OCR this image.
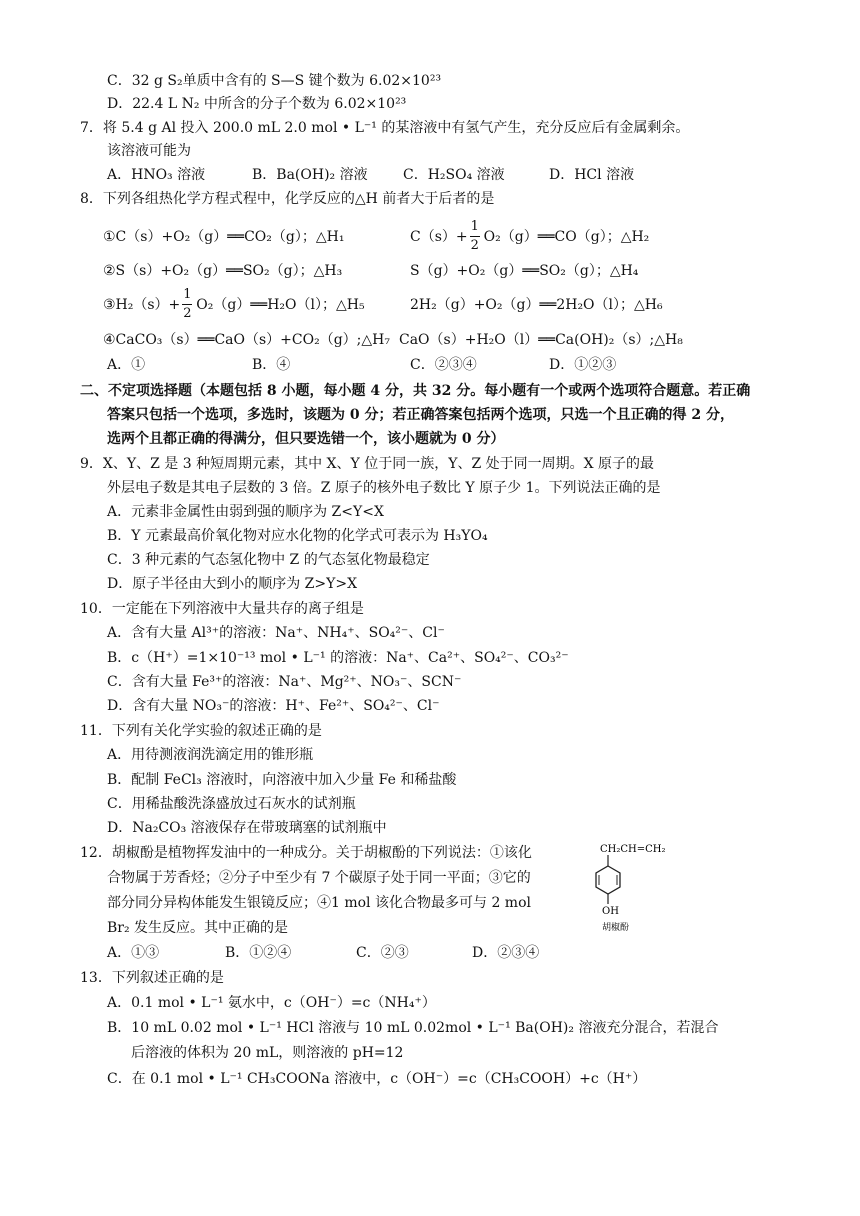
C．32 g S₂单质中含有的 S—S 键个数为 6.02×10²³
D．22.4 L N₂ 中所含的分子个数为 6.02×10²³
7．将 5.4 g Al 投入 200.0 mL 2.0 mol • L⁻¹ 的某溶液中有氢气产生，充分反应后有金属剩余。
该溶液可能为
A．HNO₃ 溶液	B．Ba(OH)₂ 溶液	C．H₂SO₄ 溶液	D．HCl 溶液
8．下列各组热化学方程式程中，化学反应的△H 前者大于后者的是
①C（s）+O₂（g）══CO₂（g）；△H₁	$C(s)+ \frac{1}{2}$ O₂（g）══CO（g）；△H₂
②S（s）+O₂（g）══SO₂（g）；△H₃	S（g）+O₂（g）══SO₂（g）；△H₄
③H₂（s）+ $\frac{1}{2}$ O₂（g）══H₂O（l）；△H₅	2H₂（g）+O₂（g）══2H₂O（l）；△H₆
④CaCO₃（s）══CaO（s）+CO₂（g）;△H₇ CaO（s）+H₂O（l）══Ca(OH)₂（s）;△H₈
A．①	B．④	C．②③④	D．①②③
二、不定项选择题（本题包括 8 小题，每小题 4 分，共 32 分。每小题有一个或两个选项符合题意。若正确
答案只包括一个选项，多选时，该题为 0 分；若正确答案包括两个选项，只选一个且正确的得 2 分，
选两个且都正确的得满分，但只要选错一个，该小题就为 0 分）
9．X、Y、Z 是 3 种短周期元素，其中 X、Y 位于同一族，Y、Z 处于同一周期。X 原子的最
外层电子数是其电子层数的 3 倍。Z 原子的核外电子数比 Y 原子少 1。下列说法正确的是
A．元素非金属性由弱到强的顺序为 Z<Y<X
B．Y 元素最高价氧化物对应水化物的化学式可表示为 H₃YO₄
C．3 种元素的气态氢化物中 Z 的气态氢化物最稳定
D．原子半径由大到小的顺序为 Z>Y>X
10．一定能在下列溶液中大量共存的离子组是
A．含有大量 Al³⁺的溶液：Na⁺、NH₄⁺、SO₄²⁻、Cl⁻
B．c（H⁺）=1×10⁻¹³ mol • L⁻¹ 的溶液：Na⁺、Ca²⁺、SO₄²⁻、CO₃²⁻
C．含有大量 Fe³⁺的溶液：Na⁺、Mg²⁺、NO₃⁻、SCN⁻
D．含有大量 NO₃⁻的溶液：H⁺、Fe²⁺、SO₄²⁻、Cl⁻
11．下列有关化学实验的叙述正确的是
A．用待测液润洗滴定用的锥形瓶
B．配制 FeCl₃ 溶液时，向溶液中加入少量 Fe 和稀盐酸
C．用稀盐酸洗涤盛放过石灰水的试剂瓶
D．Na₂CO₃ 溶液保存在带玻璃塞的试剂瓶中
12．胡椒酚是植物挥发油中的一种成分。关于胡椒酚的下列说法：①该化
合物属于芳香烃；②分子中至少有 7 个碳原子处于同一平面；③它的
部分同分异构体能发生银镜反应；④1 mol 该化合物最多可与 2 mol
Br₂ 发生反应。其中正确的是
A．①③	B．①②④	C．②③	D．②③④
CH₂CH=CH₂
OH
胡椒酚
13．下列叙述正确的是
A．0.1 mol • L⁻¹ 氨水中，c（OH⁻）=c（NH₄⁺）
B．10 mL 0.02 mol • L⁻¹ HCl 溶液与 10 mL 0.02mol • L⁻¹ Ba(OH)₂ 溶液充分混合，若混合
后溶液的体积为 20 mL，则溶液的 pH=12
C．在 0.1 mol • L⁻¹ CH₃COONa 溶液中，c（OH⁻）=c（CH₃COOH）+c（H⁺）
